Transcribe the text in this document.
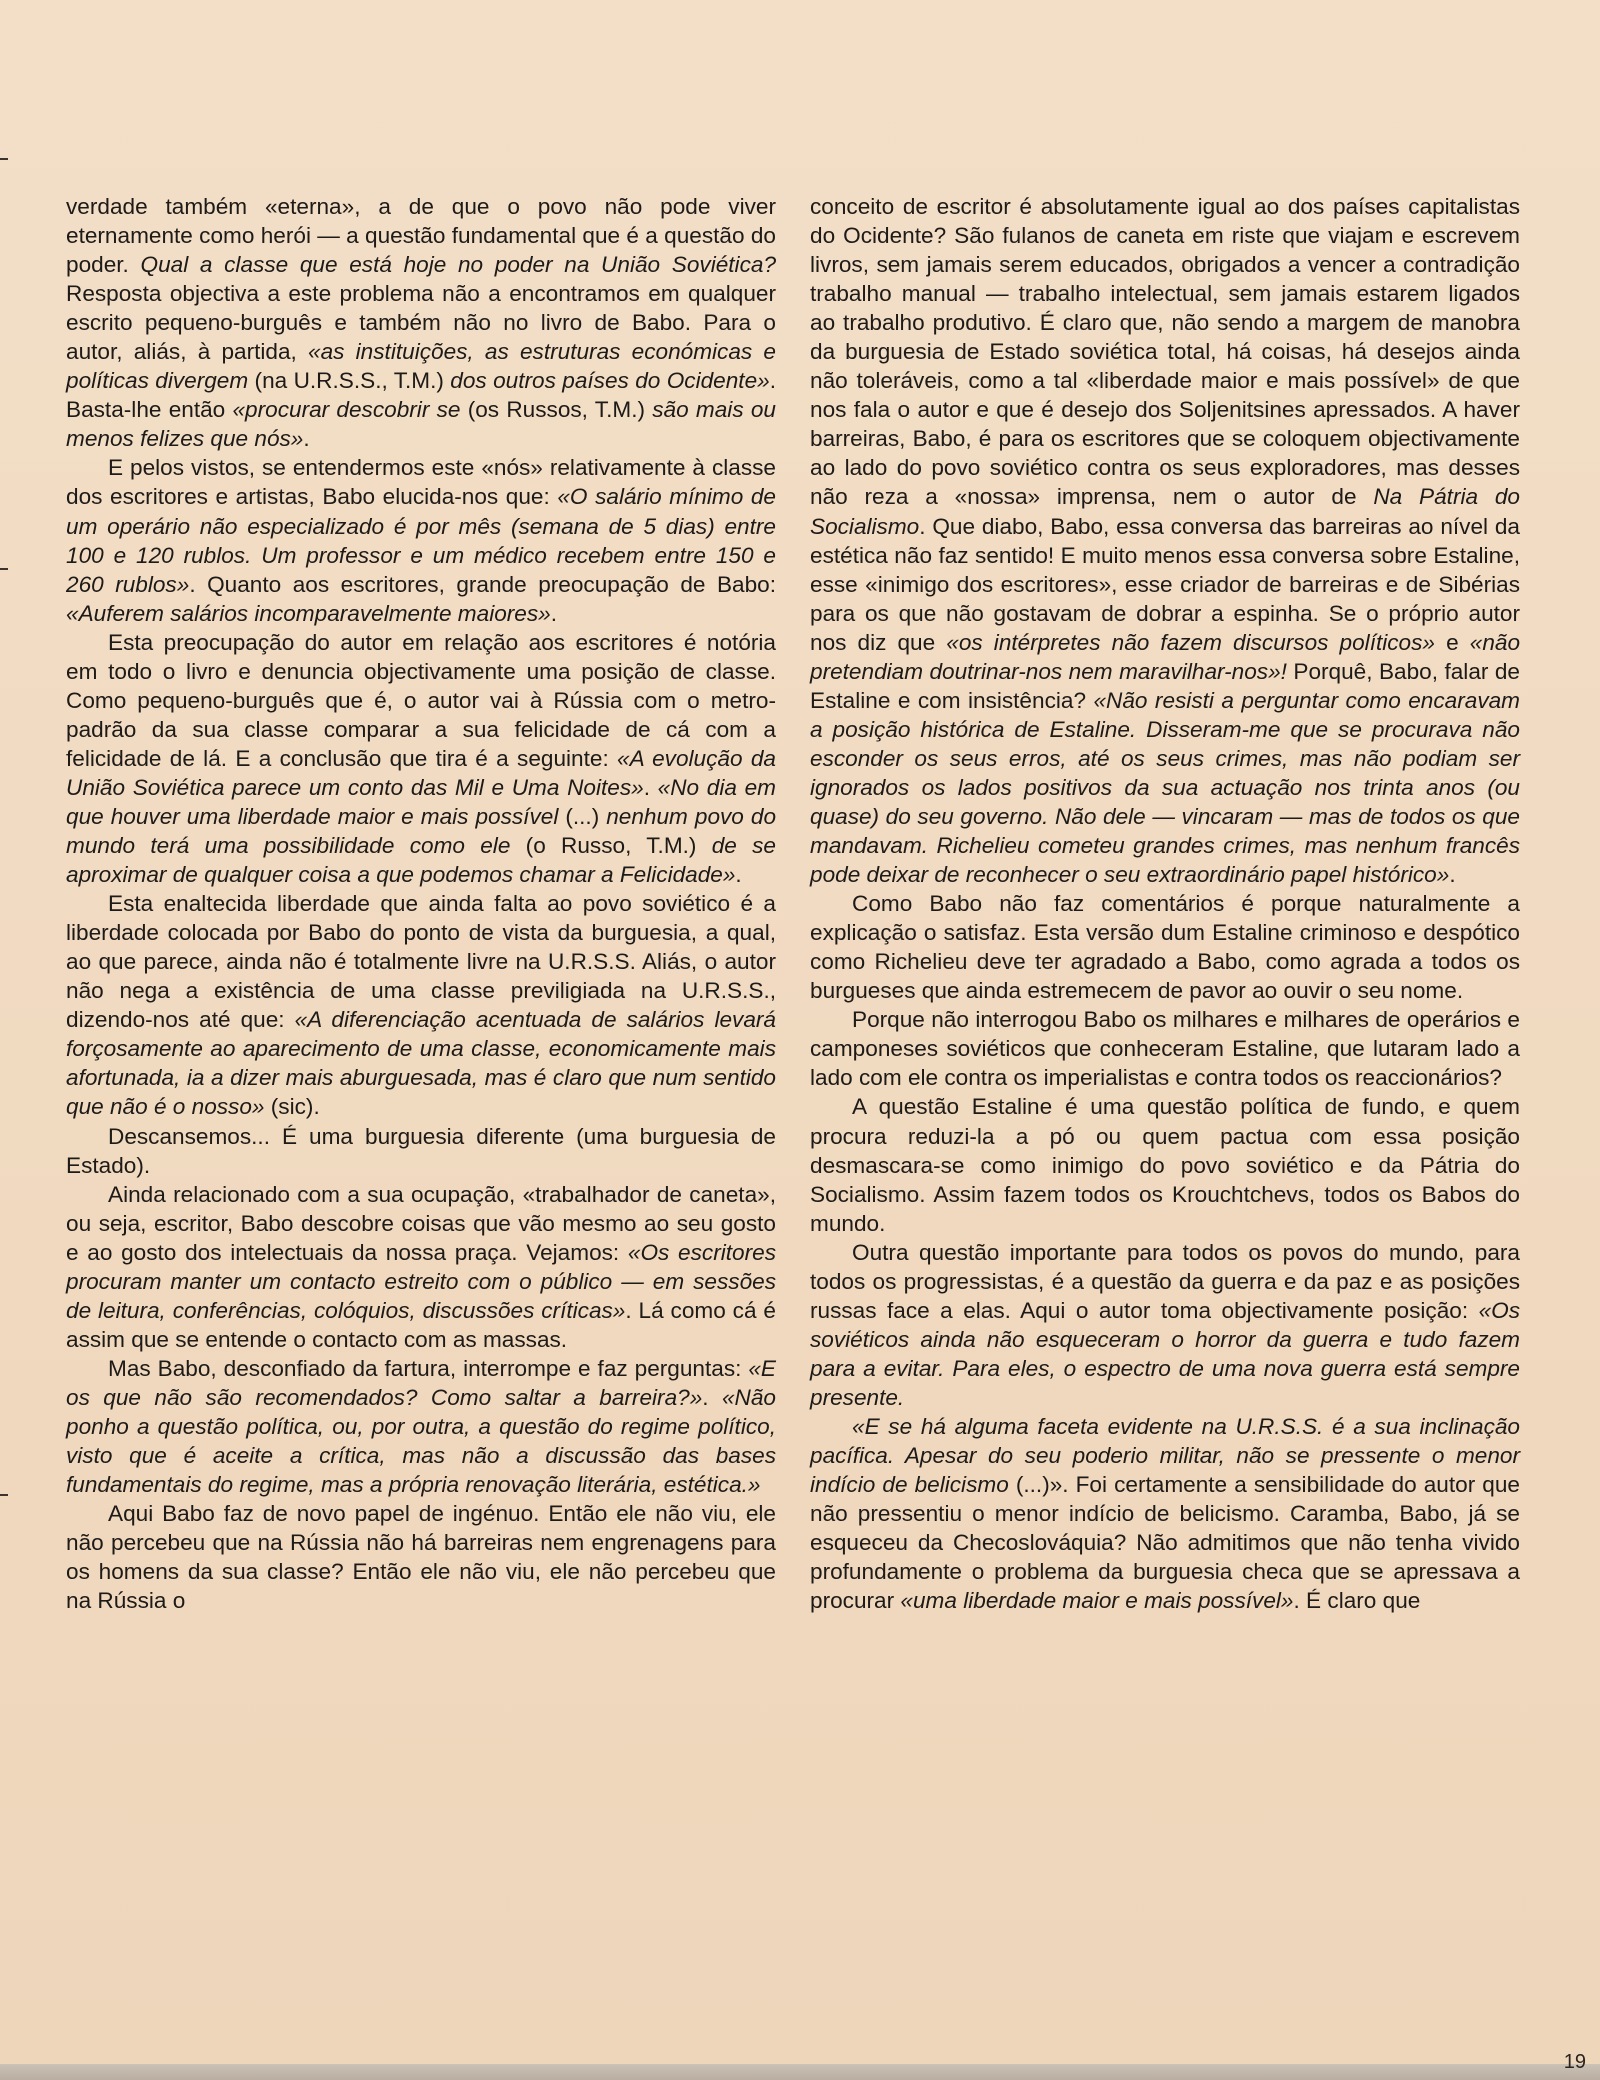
verdade também «eterna», a de que o povo não pode viver eternamente como herói — a questão fundamental que é a questão do poder. Qual a classe que está hoje no poder na União Soviética? Resposta objectiva a este problema não a encontramos em qualquer escrito pequeno-burguês e também não no livro de Babo. Para o autor, aliás, à partida, «as instituições, as estruturas económicas e políticas divergem (na U.R.S.S., T.M.) dos outros países do Ocidente». Basta-lhe então «procurar descobrir se (os Russos, T.M.) são mais ou menos felizes que nós».

E pelos vistos, se entendermos este «nós» relativamente à classe dos escritores e artistas, Babo elucida-nos que: «O salário mínimo de um operário não especializado é por mês (semana de 5 dias) entre 100 e 120 rublos. Um professor e um médico recebem entre 150 e 260 rublos». Quanto aos escritores, grande preocupação de Babo: «Auferem salários incomparavelmente maiores».

Esta preocupação do autor em relação aos escritores é notória em todo o livro e denuncia objectivamente uma posição de classe. Como pequeno-burguês que é, o autor vai à Rússia com o metro-padrão da sua classe comparar a sua felicidade de cá com a felicidade de lá. E a conclusão que tira é a seguinte: «A evolução da União Soviética parece um conto das Mil e Uma Noites». «No dia em que houver uma liberdade maior e mais possível (...) nenhum povo do mundo terá uma possibilidade como ele (o Russo, T.M.) de se aproximar de qualquer coisa a que podemos chamar a Felicidade».

Esta enaltecida liberdade que ainda falta ao povo soviético é a liberdade colocada por Babo do ponto de vista da burguesia, a qual, ao que parece, ainda não é totalmente livre na U.R.S.S. Aliás, o autor não nega a existência de uma classe previligiada na U.R.S.S., dizendo-nos até que: «A diferenciação acentuada de salários levará forçosamente ao aparecimento de uma classe, economicamente mais afortunada, ia a dizer mais aburguesada, mas é claro que num sentido que não é o nosso» (sic).

Descansemos... É uma burguesia diferente (uma burguesia de Estado).

Ainda relacionado com a sua ocupação, «trabalhador de caneta», ou seja, escritor, Babo descobre coisas que vão mesmo ao seu gosto e ao gosto dos intelectuais da nossa praça. Vejamos: «Os escritores procuram manter um contacto estreito com o público — em sessões de leitura, conferências, colóquios, discussões críticas». Lá como cá é assim que se entende o contacto com as massas.

Mas Babo, desconfiado da fartura, interrompe e faz perguntas: «E os que não são recomendados? Como saltar a barreira?». «Não ponho a questão política, ou, por outra, a questão do regime político, visto que é aceite a crítica, mas não a discussão das bases fundamentais do regime, mas a própria renovação literária, estética.»

Aqui Babo faz de novo papel de ingénuo. Então ele não viu, ele não percebeu que na Rússia não há barreiras nem engrenagens para os homens da sua classe? Então ele não viu, ele não percebeu que na Rússia o

conceito de escritor é absolutamente igual ao dos países capitalistas do Ocidente? São fulanos de caneta em riste que viajam e escrevem livros, sem jamais serem educados, obrigados a vencer a contradição trabalho manual — trabalho intelectual, sem jamais estarem ligados ao trabalho produtivo. É claro que, não sendo a margem de manobra da burguesia de Estado soviética total, há coisas, há desejos ainda não toleráveis, como a tal «liberdade maior e mais possível» de que nos fala o autor e que é desejo dos Soljenitsines apressados. A haver barreiras, Babo, é para os escritores que se coloquem objectivamente ao lado do povo soviético contra os seus exploradores, mas desses não reza a «nossa» imprensa, nem o autor de Na Pátria do Socialismo. Que diabo, Babo, essa conversa das barreiras ao nível da estética não faz sentido! E muito menos essa conversa sobre Estaline, esse «inimigo dos escritores», esse criador de barreiras e de Sibérias para os que não gostavam de dobrar a espinha. Se o próprio autor nos diz que «os intérpretes não fazem discursos políticos» e «não pretendiam doutrinar-nos nem maravilhar-nos»! Porquê, Babo, falar de Estaline e com insistência? «Não resisti a perguntar como encaravam a posição histórica de Estaline. Disseram-me que se procurava não esconder os seus erros, até os seus crimes, mas não podiam ser ignorados os lados positivos da sua actuação nos trinta anos (ou quase) do seu governo. Não dele — vincaram — mas de todos os que mandavam. Richelieu cometeu grandes crimes, mas nenhum francês pode deixar de reconhecer o seu extraordinário papel histórico».

Como Babo não faz comentários é porque naturalmente a explicação o satisfaz. Esta versão dum Estaline criminoso e despótico como Richelieu deve ter agradado a Babo, como agrada a todos os burgueses que ainda estremecem de pavor ao ouvir o seu nome.

Porque não interrogou Babo os milhares e milhares de operários e camponeses soviéticos que conheceram Estaline, que lutaram lado a lado com ele contra os imperialistas e contra todos os reaccionários?

A questão Estaline é uma questão política de fundo, e quem procura reduzi-la a pó ou quem pactua com essa posição desmascara-se como inimigo do povo soviético e da Pátria do Socialismo. Assim fazem todos os Krouchtchevs, todos os Babos do mundo.

Outra questão importante para todos os povos do mundo, para todos os progressistas, é a questão da guerra e da paz e as posições russas face a elas. Aqui o autor toma objectivamente posição: «Os soviéticos ainda não esqueceram o horror da guerra e tudo fazem para a evitar. Para eles, o espectro de uma nova guerra está sempre presente.

«E se há alguma faceta evidente na U.R.S.S. é a sua inclinação pacífica. Apesar do seu poderio militar, não se pressente o menor indício de belicismo (...)». Foi certamente a sensibilidade do autor que não pressentiu o menor indício de belicismo. Caramba, Babo, já se esqueceu da Checoslováquia? Não admitimos que não tenha vivido profundamente o problema da burguesia checa que se apressava a procurar «uma liberdade maior e mais possível». É claro que

19
